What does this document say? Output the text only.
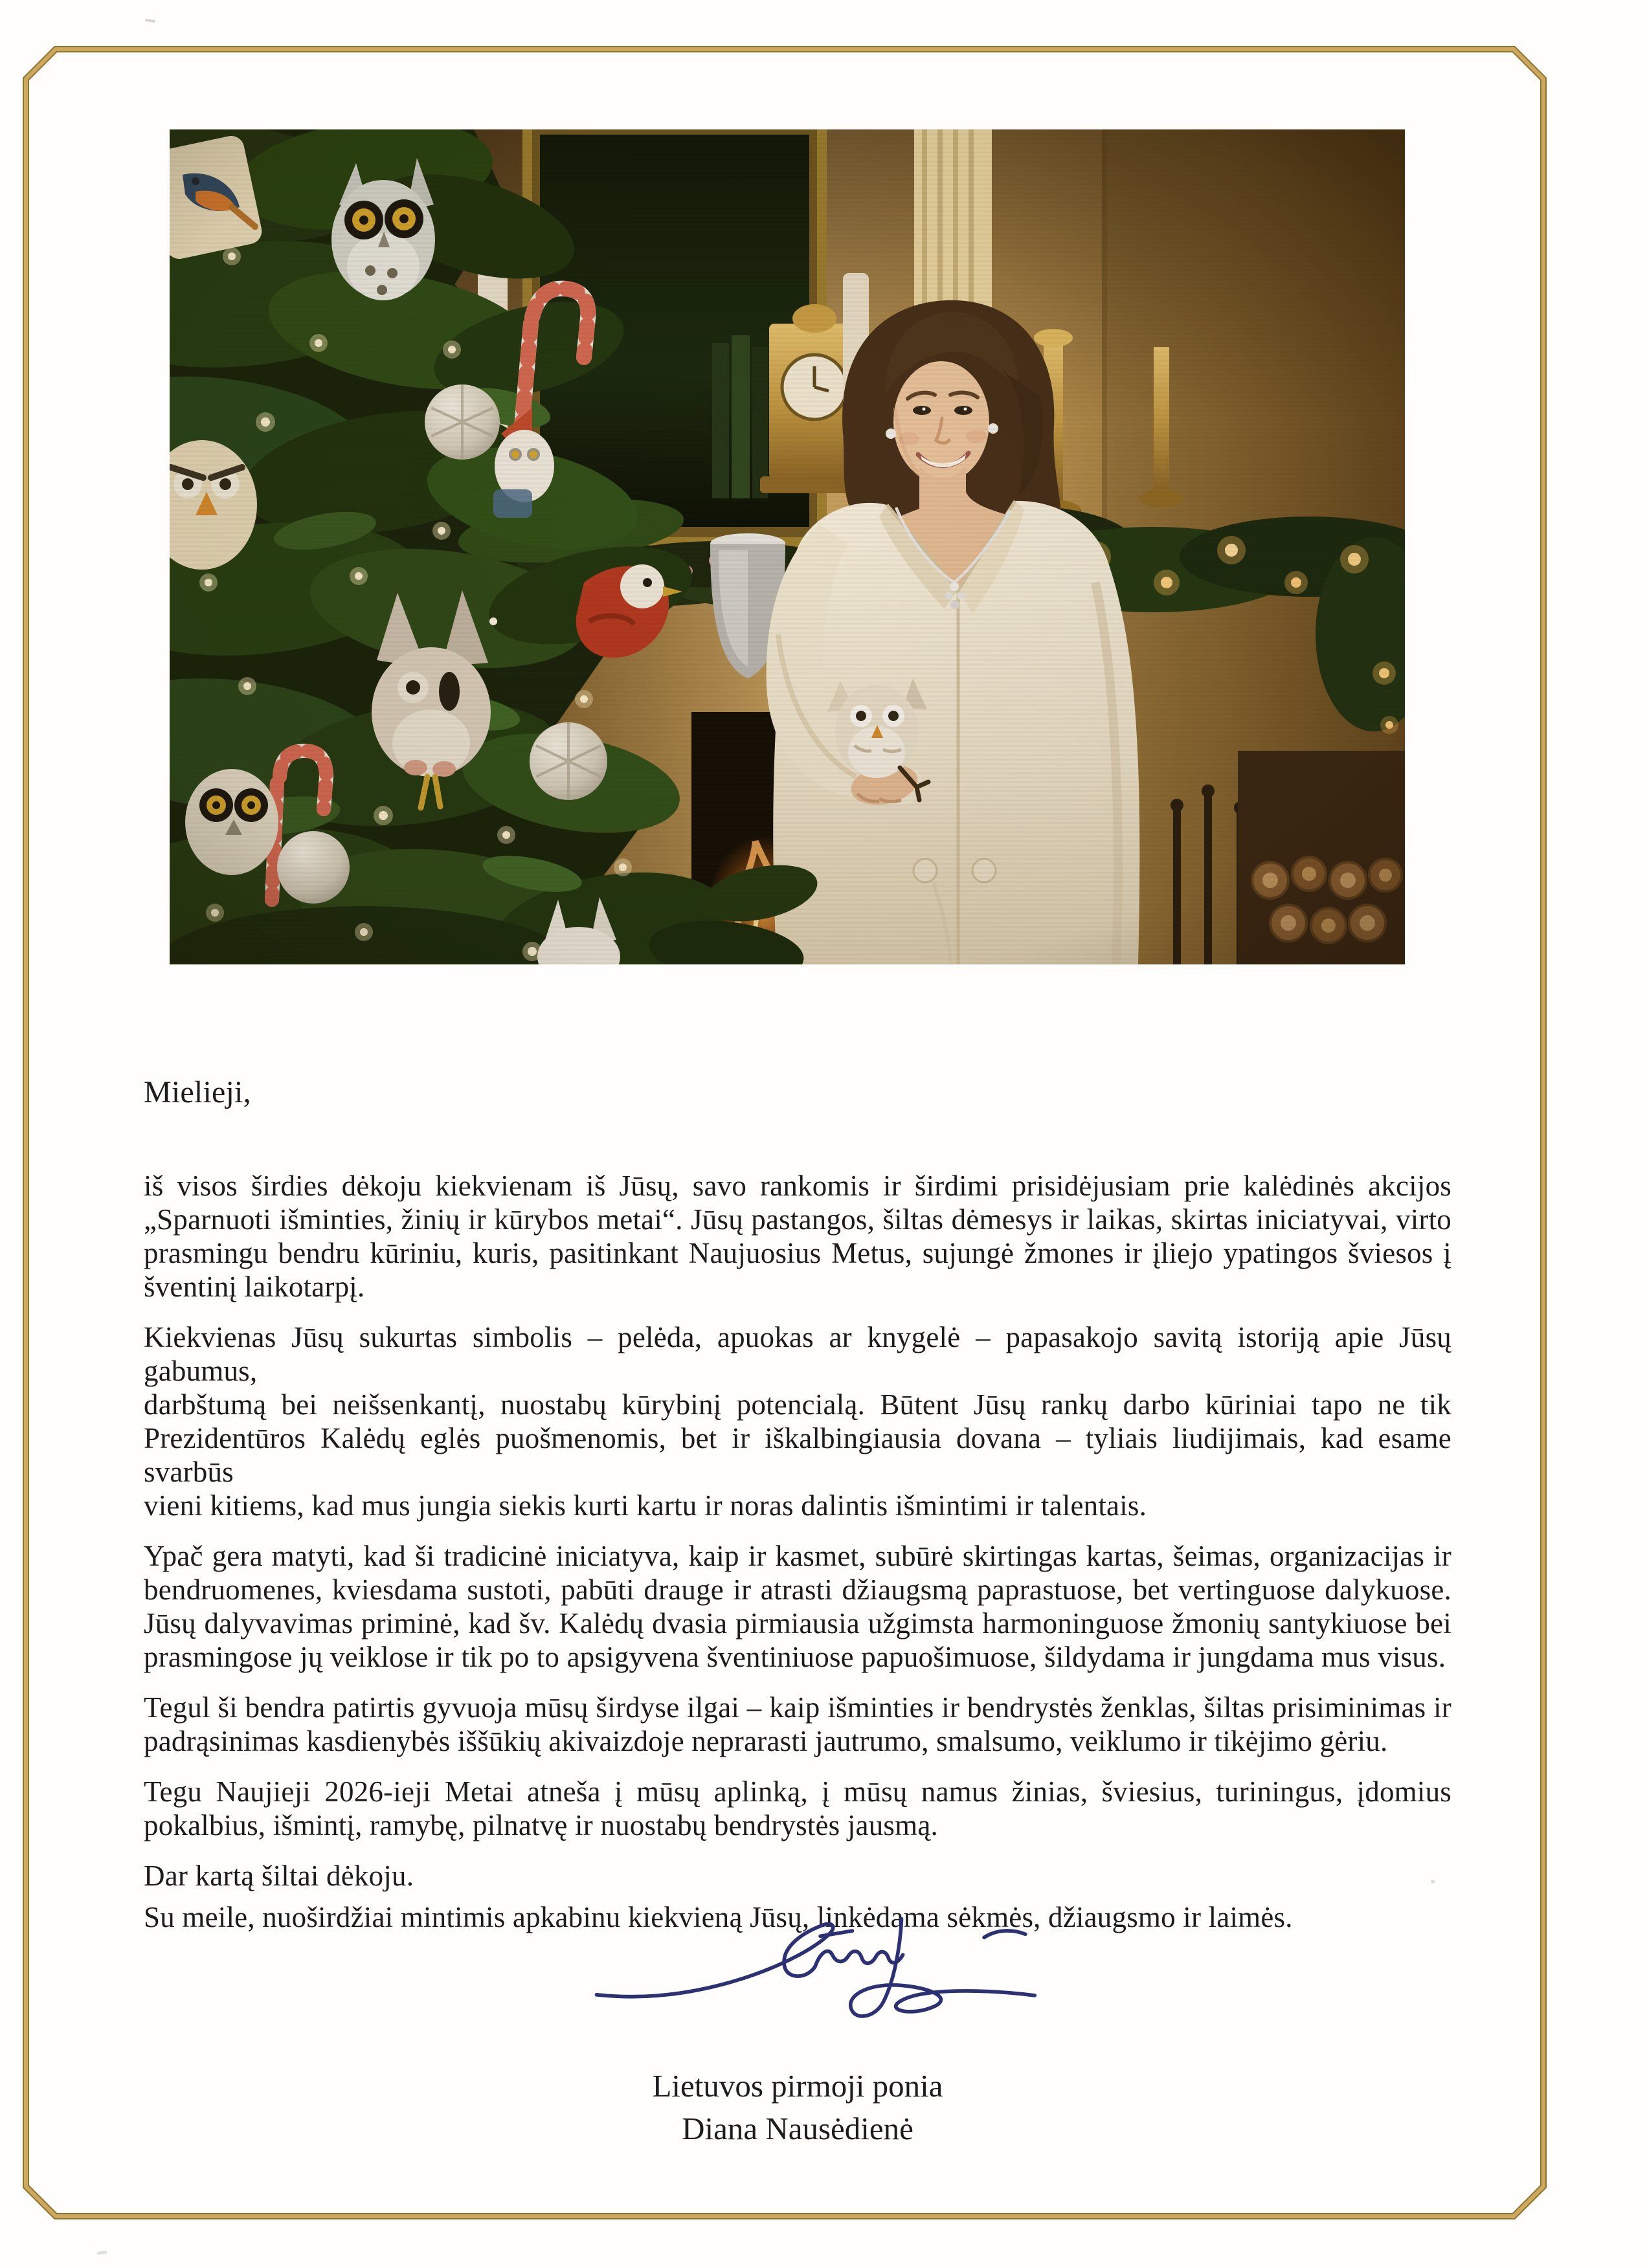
Mielieji,
iš visos širdies dėkoju kiekvienam iš Jūsų, savo rankomis ir širdimi prisidėjusiam prie kalėdinės akcijos
„Sparnuoti išminties, žinių ir kūrybos metai“. Jūsų pastangos, šiltas dėmesys ir laikas, skirtas iniciatyvai, virto
prasmingu bendru kūriniu, kuris, pasitinkant Naujuosius Metus, sujungė žmones ir įliejo ypatingos šviesos į
šventinį laikotarpį.
Kiekvienas Jūsų sukurtas simbolis – pelėda, apuokas ar knygelė – papasakojo savitą istoriją apie Jūsų gabumus,
darbštumą bei neišsenkantį, nuostabų kūrybinį potencialą. Būtent Jūsų rankų darbo kūriniai tapo ne tik
Prezidentūros Kalėdų eglės puošmenomis, bet ir iškalbingiausia dovana – tyliais liudijimais, kad esame svarbūs
vieni kitiems, kad mus jungia siekis kurti kartu ir noras dalintis išmintimi ir talentais.
Ypač gera matyti, kad ši tradicinė iniciatyva, kaip ir kasmet, subūrė skirtingas kartas, šeimas, organizacijas ir
bendruomenes, kviesdama sustoti, pabūti drauge ir atrasti džiaugsmą paprastuose, bet vertinguose dalykuose.
Jūsų dalyvavimas priminė, kad šv. Kalėdų dvasia pirmiausia užgimsta harmoninguose žmonių santykiuose bei
prasmingose jų veiklose ir tik po to apsigyvena šventiniuose papuošimuose, šildydama ir jungdama mus visus.
Tegul ši bendra patirtis gyvuoja mūsų širdyse ilgai – kaip išminties ir bendrystės ženklas, šiltas prisiminimas ir
padrąsinimas kasdienybės iššūkių akivaizdoje neprarasti jautrumo, smalsumo, veiklumo ir tikėjimo gėriu.
Tegu Naujieji 2026-ieji Metai atneša į mūsų aplinką, į mūsų namus žinias, šviesius, turiningus, įdomius
pokalbius, išmintį, ramybę, pilnatvę ir nuostabų bendrystės jausmą.
Dar kartą šiltai dėkoju.
Su meile, nuoširdžiai mintimis apkabinu kiekvieną Jūsų, linkėdama sėkmės, džiaugsmo ir laimės.
Lietuvos pirmoji ponia
Diana Nausėdienė
